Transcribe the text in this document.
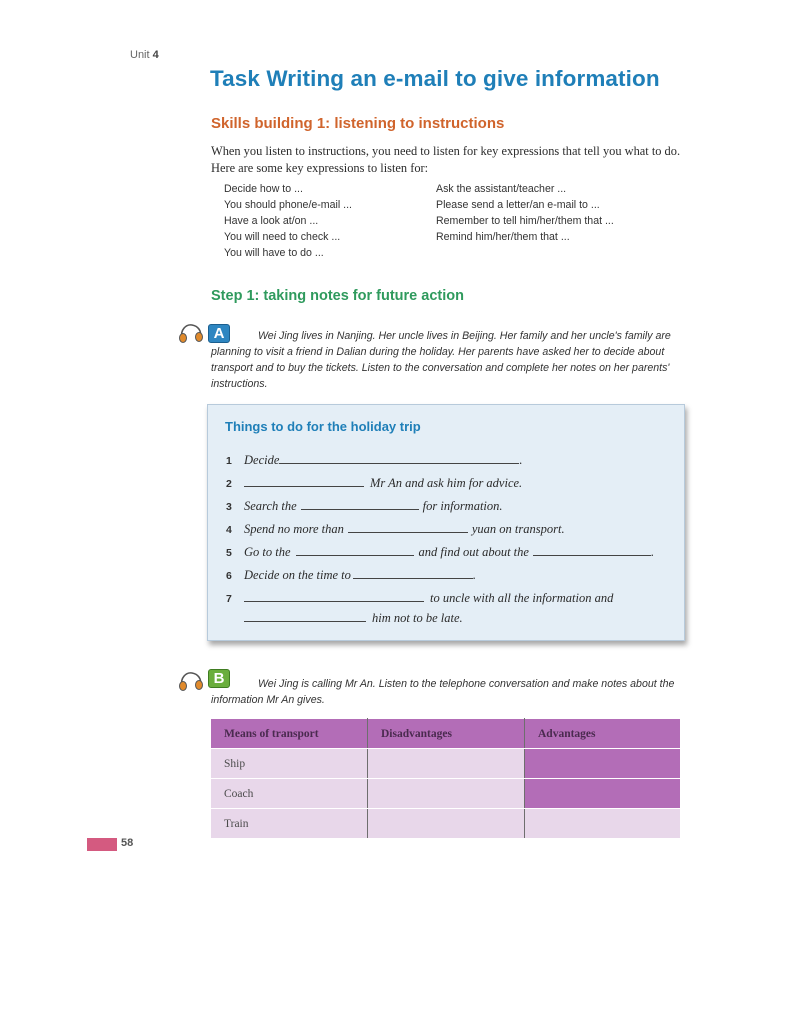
Unit 4
Task Writing an e-mail to give information
Skills building 1: listening to instructions

When you listen to instructions, you need to listen for key expressions that tell you what to do. Here are some key expressions to listen for:

Decide how to ...
You should phone/e-mail ...
Have a look at/on ...
You will need to check ...
You will have to do ...
Ask the assistant/teacher ...
Please send a letter/an e-mail to ...
Remember to tell him/her/them that ...
Remind him/her/them that ...
Step 1: taking notes for future action
A	Wei Jing lives in Nanjing. Her uncle lives in Beijing. Her family and her uncle's family are planning to visit a friend in Dalian during the holiday. Her parents have asked her to decide about transport and to buy the tickets. Listen to the conversation and complete her notes on her parents' instructions.

Things to do for the holiday trip
1 Decide	.
2	Mr An and ask him for advice.
3 Search the	for information.
4 Spend no more than	yuan on transport.
5 Go to the	and find out about the	.
6 Decide on the time to	.
7	to uncle with all the information and
him not to be late.
B	Wei Jing is calling Mr An. Listen to the telephone conversation and make notes about the information Mr An gives.

Means of transport	Disadvantages	Advantages
Ship		
Coach		
Train		
58
